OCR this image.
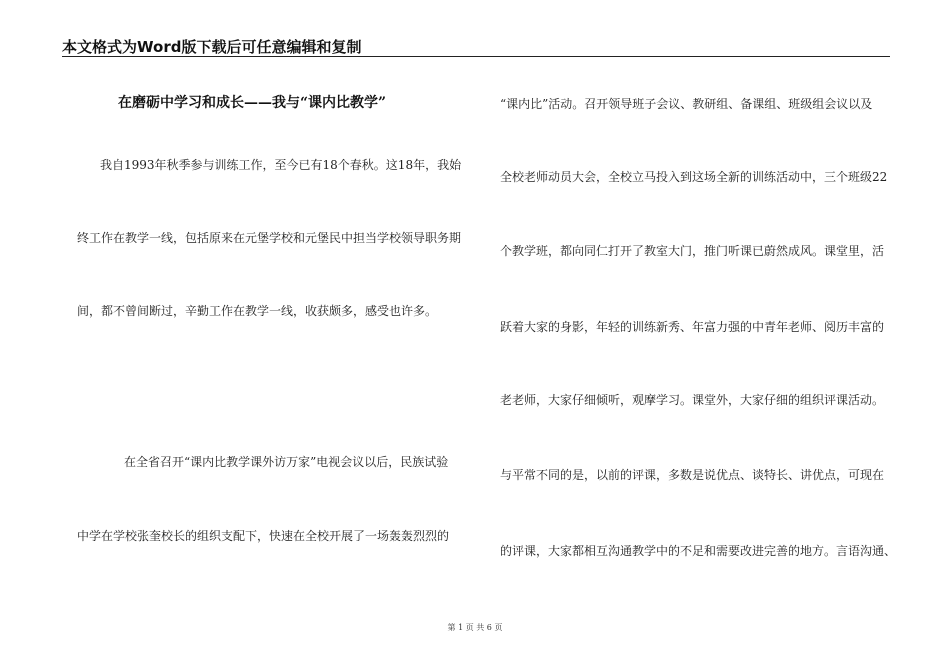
本文格式为Word版下载后可任意编辑和复制
在磨砺中学习和成长——我与“课内比教学”
我自1993年秋季参与训练工作，至今已有18个春秋。这18年，我始
终工作在教学一线，包括原来在元堡学校和元堡民中担当学校领导职务期
间，都不曾间断过，辛勤工作在教学一线，收获颇多，感受也许多。
在全省召开“课内比教学课外访万家”电视会议以后，民族试验
中学在学校张奎校长的组织支配下，快速在全校开展了一场轰轰烈烈的
“课内比”活动。召开领导班子会议、教研组、备课组、班级组会议以及
全校老师动员大会，全校立马投入到这场全新的训练活动中，三个班级22
个教学班，都向同仁打开了教室大门，推门听课已蔚然成风。课堂里，活
跃着大家的身影，年轻的训练新秀、年富力强的中青年老师、阅历丰富的
老老师，大家仔细倾听，观摩学习。课堂外，大家仔细的组织评课活动。
与平常不同的是，以前的评课，多数是说优点、谈特长、讲优点，可现在
的评课，大家都相互沟通教学中的不足和需要改进完善的地方。言语沟通、
第 1 页 共 6 页
